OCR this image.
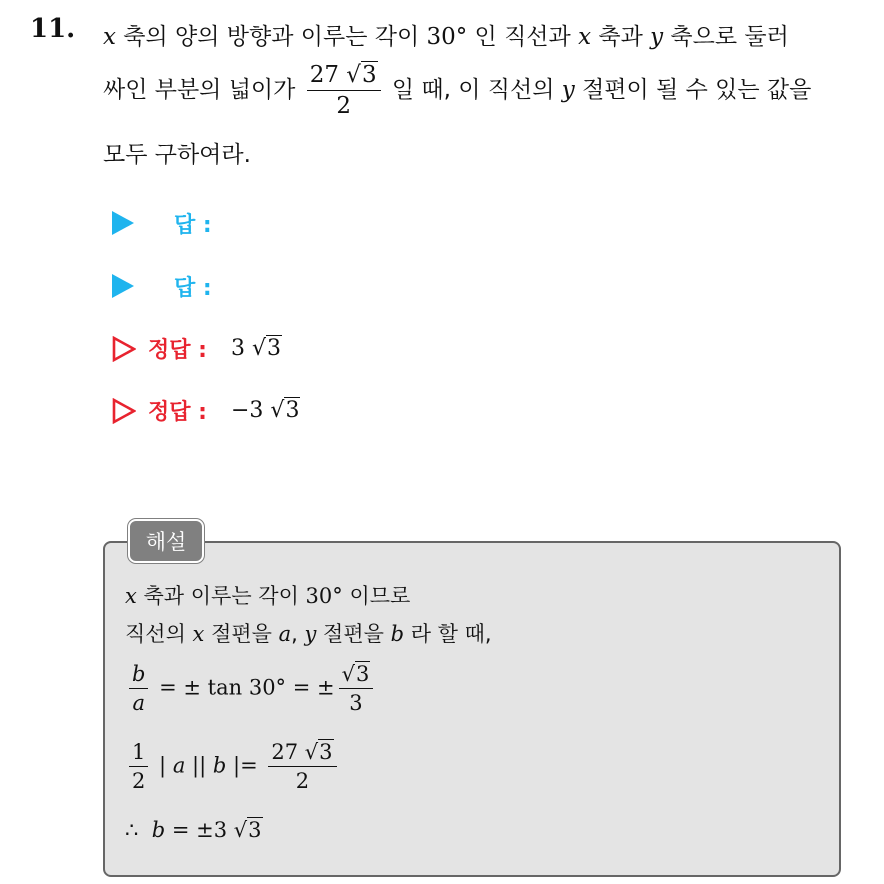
11. x 축의 양의 방향과 이루는 각이 30° 인 직선과 x 축과 y 축으로 둘러
싸인 부분의 넓이가 $\frac{27 √3}{2}$ 일 때, 이 직선의 y 절편이 될 수 있는 값을
모두 구하여라.
답 :
답 :
정답 : 3 √3
정답 : −3 √3
해설
x 축과 이루는 각이 30° 이므로
직선의 x 절편을 a, y 절편을 b 라 할 때,
$\frac{b}{a}$ = ± tan 30° = ± $\frac{√3}{3}$
$\frac{1}{2}$ | a || b |= $\frac{27 √3}{2}$
∴ b = ±3 √3
